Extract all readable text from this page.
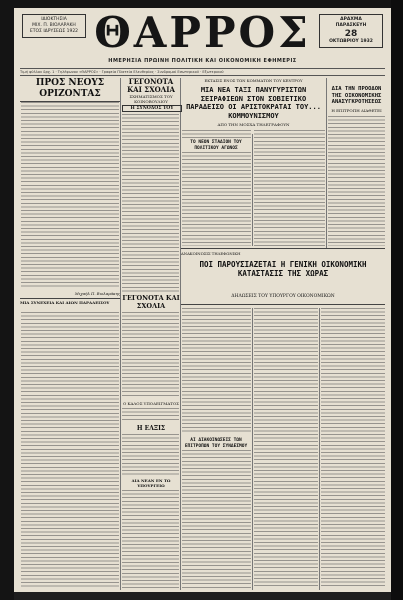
ΙΔΙΟΚΤΗΣΙΑ
ΜΙΧ. Π. ΒΙΟΛΑΡΑΚΗ
ΕΤΟΣ ΙΔΡΥΣΕΩΣ 1922 ΘΑΡΡΟΣ
ΗΜΕΡΗΣΙΑ ΠΡΩΙΝΗ ΠΟΛΙΤΙΚΗ ΚΑΙ ΟΙΚΟΝΟΜΙΚΗ ΕΦΗΜΕΡΙΣ
ΔΡΑΧΜΑ
ΠΑΡΑΣΚΕΥΗ
28
ΟΚΤΩΒΡΙΟΥ 1932
Τιμή φύλλου δρχ. 1 · Τηλέφωνον «ΘΑΡΡΟΣ» · Γραφεία Πλατεία Ελευθερίας · Συνδρομαί Εσωτερικού · Εξωτερικού
ΠΡΟΣ ΝΕΟΥΣ ΟΡΙΖΟΝΤΑΣ
ΓΕΓΟΝΟΤΑ ΚΑΙ ΣΧΟΛΙΑ
ΣΧΗΜΑΤΙΣΜΟΣ ΤΟΥ ΚΟΙΝΟΒΟΥΛΙΟΥ
Η ΣΥΝΟΔΟΣ ΤΟΥ
ΕΚΤΑΣΙΣ ΕΝΟΣ ΤΩΝ ΚΟΜΜΑΤΩΝ ΤΟΥ ΚΕΝΤΡΟΥ
ΜΙΑ ΝΕΑ ΤΑΞΙ ΠΑΝΥΓΥΡΙΣΤΩΝ ΣΕΙΡΑΦΙΕΩΝ ΣΤΟΝ ΣΟΒΙΕΤΙΚΟ ΠΑΡΑΔΕΙΣΟ ΟΙ ΑΡΙΣΤΟΚΡΑΤΑΙ ΤΟΥ... ΚΟΜΜΟΥΝΙΣΜΟΥ
ΑΠΟ ΤΗΝ ΜΟΣΧΑ ΤΗΛΕΓΡΑΦΟΥΝ
ΔΙΑ ΤΗΝ ΠΡΟΟΔΟΝ ΤΗΣ ΟΙΚΟΝΟΜΙΚΗΣ ΑΝΑΣΥΓΚΡΟΤΗΣΕΩΣ
Η ΕΠΙΤΡΟΠΗ ΔΙΑΘΕΤΕΙ
ΑΝΑΚΟΙΝΩΣΙΣ ΤΗΛΕΦΩΝΙΚΗ
ΠΟΙ ΠΑΡΟΥΣΙΑΖΕΤΑΙ Η ΓΕΝΙΚΗ ΟΙΚΟΝΟΜΙΚΗ ΚΑΤΑΣΤΑΣΙΣ ΤΗΣ ΧΩΡΑΣ
ΔΗΛΩΣΕΙΣ ΤΟΥ ΥΠΟΥΡΓΟΥ ΟΙΚΟΝΟΜΙΚΩΝ
Μιχαήλ Π. Βιολαράκης
ΜΙΑ ΣΥΝΕΧΕΙΑ ΚΑΙ ΑΙΩΝ ΠΑΡΑΔΕΙΣΟΥ
ΓΕΓΟΝΟΤΑ ΚΑΙ ΣΧΟΛΙΑ
Ο ΚΑΛΟΣ ΥΠΟΔΕΙΓΜΑΤΟΣ
Η ΕΛΞΙΣ
ΔΙΑ ΝΕΑΝ ΕΝ ΤΩ ΥΠΟΥΡΓΕΙΩ
ΤΟ ΝΕΟΝ ΣΤΑΔΙΟΝ ΤΟΥ ΠΟΛΙΤΙΚΟΥ ΑΓΩΝΟΣ
ΑΙ ΔΙΑΚΟΙΝΩΣΕΙΣ ΤΩΝ ΕΠΙΤΡΟΠΩΝ ΤΟΥ ΣΥΝΔΕΣΜΟΥ
